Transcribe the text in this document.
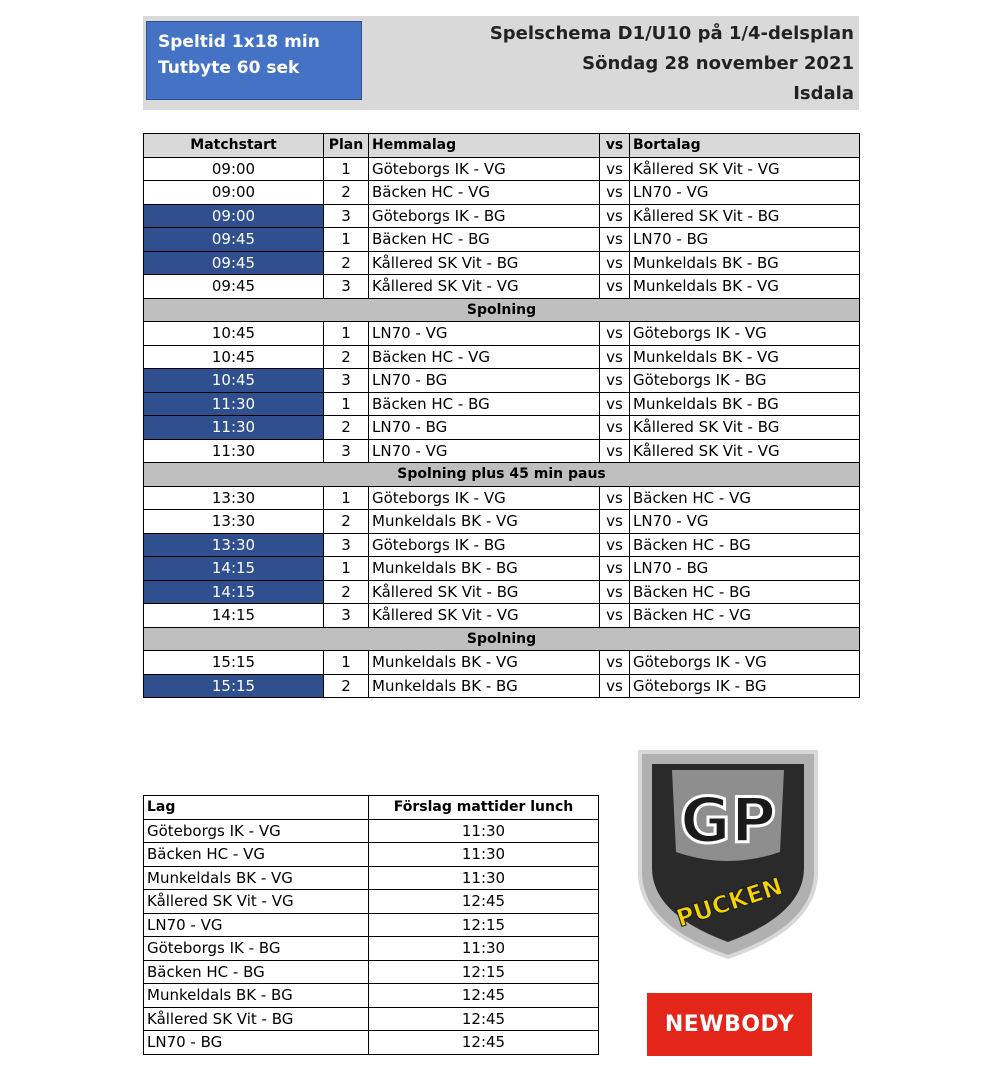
Speltid 1x18 min
Tutbyte 60 sek
Spelschema D1/U10 på 1/4-delsplan
Söndag 28 november 2021
Isdala
Matchstart	Plan	Hemmalag	vs	Bortalag
09:00	1	Göteborgs IK - VG	vs	Kållered SK Vit - VG
09:00	2	Bäcken HC - VG	vs	LN70 - VG
09:00	3	Göteborgs IK - BG	vs	Kållered SK Vit - BG
09:45	1	Bäcken HC - BG	vs	LN70 - BG
09:45	2	Kållered SK Vit - BG	vs	Munkeldals BK - BG
09:45	3	Kållered SK Vit - VG	vs	Munkeldals BK - VG
Spolning				
10:45	1	LN70 - VG	vs	Göteborgs IK - VG
10:45	2	Bäcken HC - VG	vs	Munkeldals BK - VG
10:45	3	LN70 - BG	vs	Göteborgs IK - BG
11:30	1	Bäcken HC - BG	vs	Munkeldals BK - BG
11:30	2	LN70 - BG	vs	Kållered SK Vit - BG
11:30	3	LN70 - VG	vs	Kållered SK Vit - VG
Spolning plus 45 min paus				
13:30	1	Göteborgs IK - VG	vs	Bäcken HC - VG
13:30	2	Munkeldals BK - VG	vs	LN70 - VG
13:30	3	Göteborgs IK - BG	vs	Bäcken HC - BG
14:15	1	Munkeldals BK - BG	vs	LN70 - BG
14:15	2	Kållered SK Vit - BG	vs	Bäcken HC - BG
14:15	3	Kållered SK Vit - VG	vs	Bäcken HC - VG
Spolning				
15:15	1	Munkeldals BK - VG	vs	Göteborgs IK - VG
15:15	2	Munkeldals BK - BG	vs	Göteborgs IK - BG
Lag	Förslag mattider lunch
Göteborgs IK - VG	11:30
Bäcken HC - VG	11:30
Munkeldals BK - VG	11:30
Kållered SK Vit - VG	12:45
LN70 - VG	12:15
Göteborgs IK - BG	11:30
Bäcken HC - BG	12:15
Munkeldals BK - BG	12:45
Kållered SK Vit - BG	12:45
LN70 - BG	12:45
GP
PUCKEN
NEWBODY
